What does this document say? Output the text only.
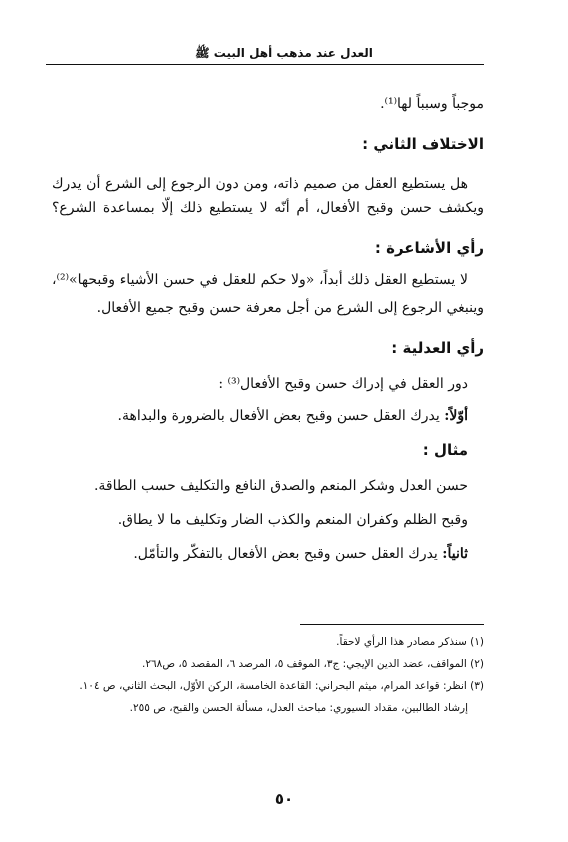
العدل عند مذهب أهل البيت ﷺ
موجباً وسبباً لها⁽¹⁾.
الاختلاف الثاني :
هل يستطيع العقل من صميم ذاته، ومن دون الرجوع إلى الشرع أن يدرك
ويكشف حسن وقبح الأفعال، أم أنّه لا يستطيع ذلك إلّا بمساعدة الشرع؟
رأي الأشاعرة :
لا يستطيع العقل ذلك أبداً، «ولا حكم للعقل في حسن الأشياء وقبحها»⁽²⁾،
وينبغي الرجوع إلى الشرع من أجل معرفة حسن وقبح جميع الأفعال.
رأي العدلية :
دور العقل في إدراك حسن وقبح الأفعال⁽³⁾ :
أوّلاً: يدرك العقل حسن وقبح بعض الأفعال بالضرورة والبداهة.
مثال :
حسن العدل وشكر المنعم والصدق النافع والتكليف حسب الطاقة.
وقبح الظلم وكفران المنعم والكذب الضار وتكليف ما لا يطاق.
ثانياً: يدرك العقل حسن وقبح بعض الأفعال بالتفكّر والتأمّل.
(١) سنذكر مصادر هذا الرأي لاحقاً.
(٢) المواقف، عضد الدين الإيجي: ج٣، الموقف ٥، المرصد ٦، المقصد ٥، ص٢٦٨.
(٣) انظر: قواعد المرام، ميثم البحراني: القاعدة الخامسة، الركن الأوّل، البحث الثاني، ص ١٠٤.
إرشاد الطالبين، مقداد السيوري: مباحث العدل، مسألة الحسن والقبح، ص ٢٥٥.
٥٠
